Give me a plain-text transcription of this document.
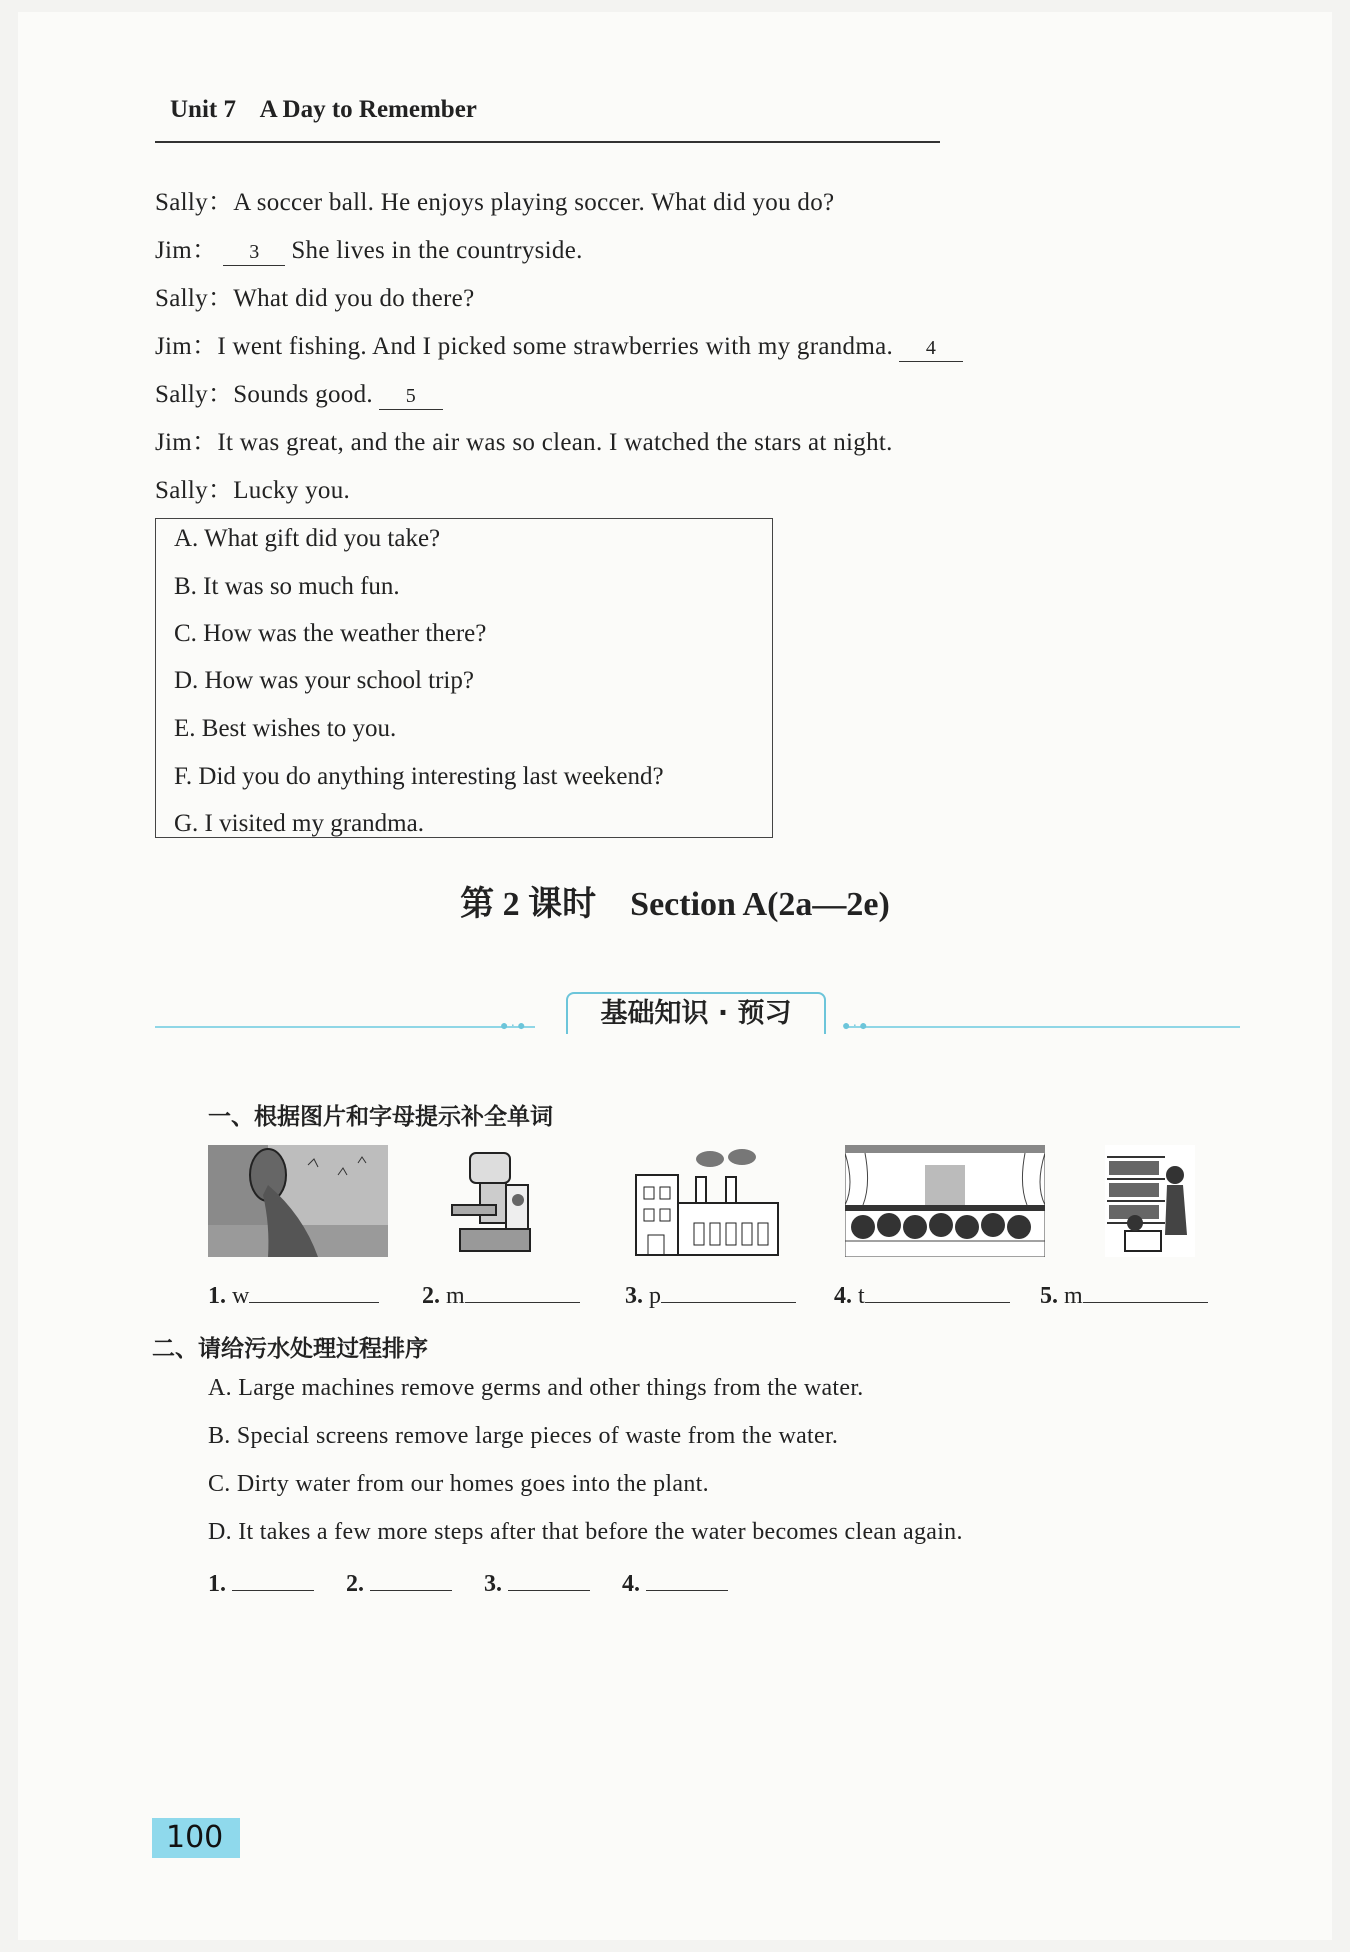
Unit 7    A Day to Remember
Sally：A soccer ball. He enjoys playing soccer. What did you do?
Jim： 3 She lives in the countryside.
Sally：What did you do there?
Jim：I went fishing. And I picked some strawberries with my grandma. 4
Sally：Sounds good. 5
Jim：It was great, and the air was so clean. I watched the stars at night.
Sally：Lucky you.
A. What gift did you take?
B. It was so much fun.
C. How was the weather there?
D. How was your school trip?
E. Best wishes to you.
F. Did you do anything interesting last weekend?
G. I visited my grandma.
第 2 课时    Section A(2a—2e)
●·●	●·●
基础知识 · 预习
一、根据图片和字母提示补全单词
1. w	2. m	3. p	4. t	5. m
二、请给污水处理过程排序
A. Large machines remove germs and other things from the water.
B. Special screens remove large pieces of waste from the water.
C. Dirty water from our homes goes into the plant.
D. It takes a few more steps after that before the water becomes clean again.
1.	2.	3.	4.
100
